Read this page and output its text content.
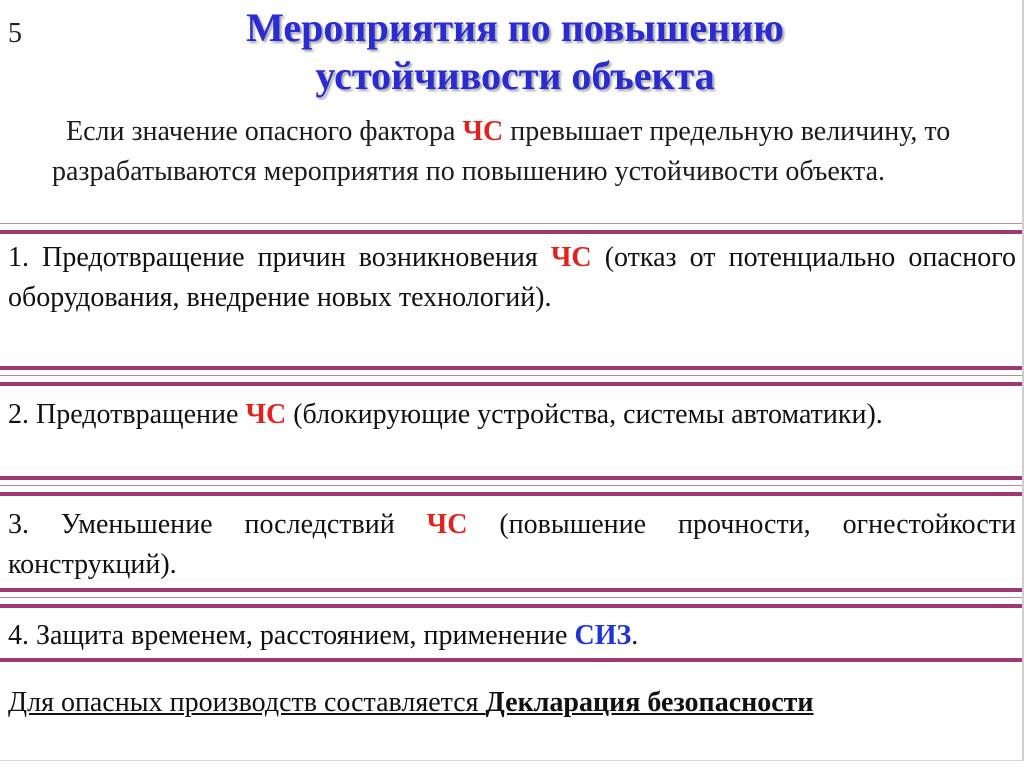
5	Мероприятия по повышению
устойчивости объекта
Если значение опасного фактора ЧС превышает предельную величину, то разрабатываются мероприятия по повышению устойчивости объекта.
1. Предотвращение причин возникновения ЧС (отказ от потенциально опасного оборудования, внедрение новых технологий).
2. Предотвращение ЧС (блокирующие устройства, системы автоматики).
3. Уменьшение последствий ЧС (повышение прочности, огнестойкости конструкций).
4. Защита временем, расстоянием, применение СИЗ.
Для опасных производств составляется Декларация безопасности
